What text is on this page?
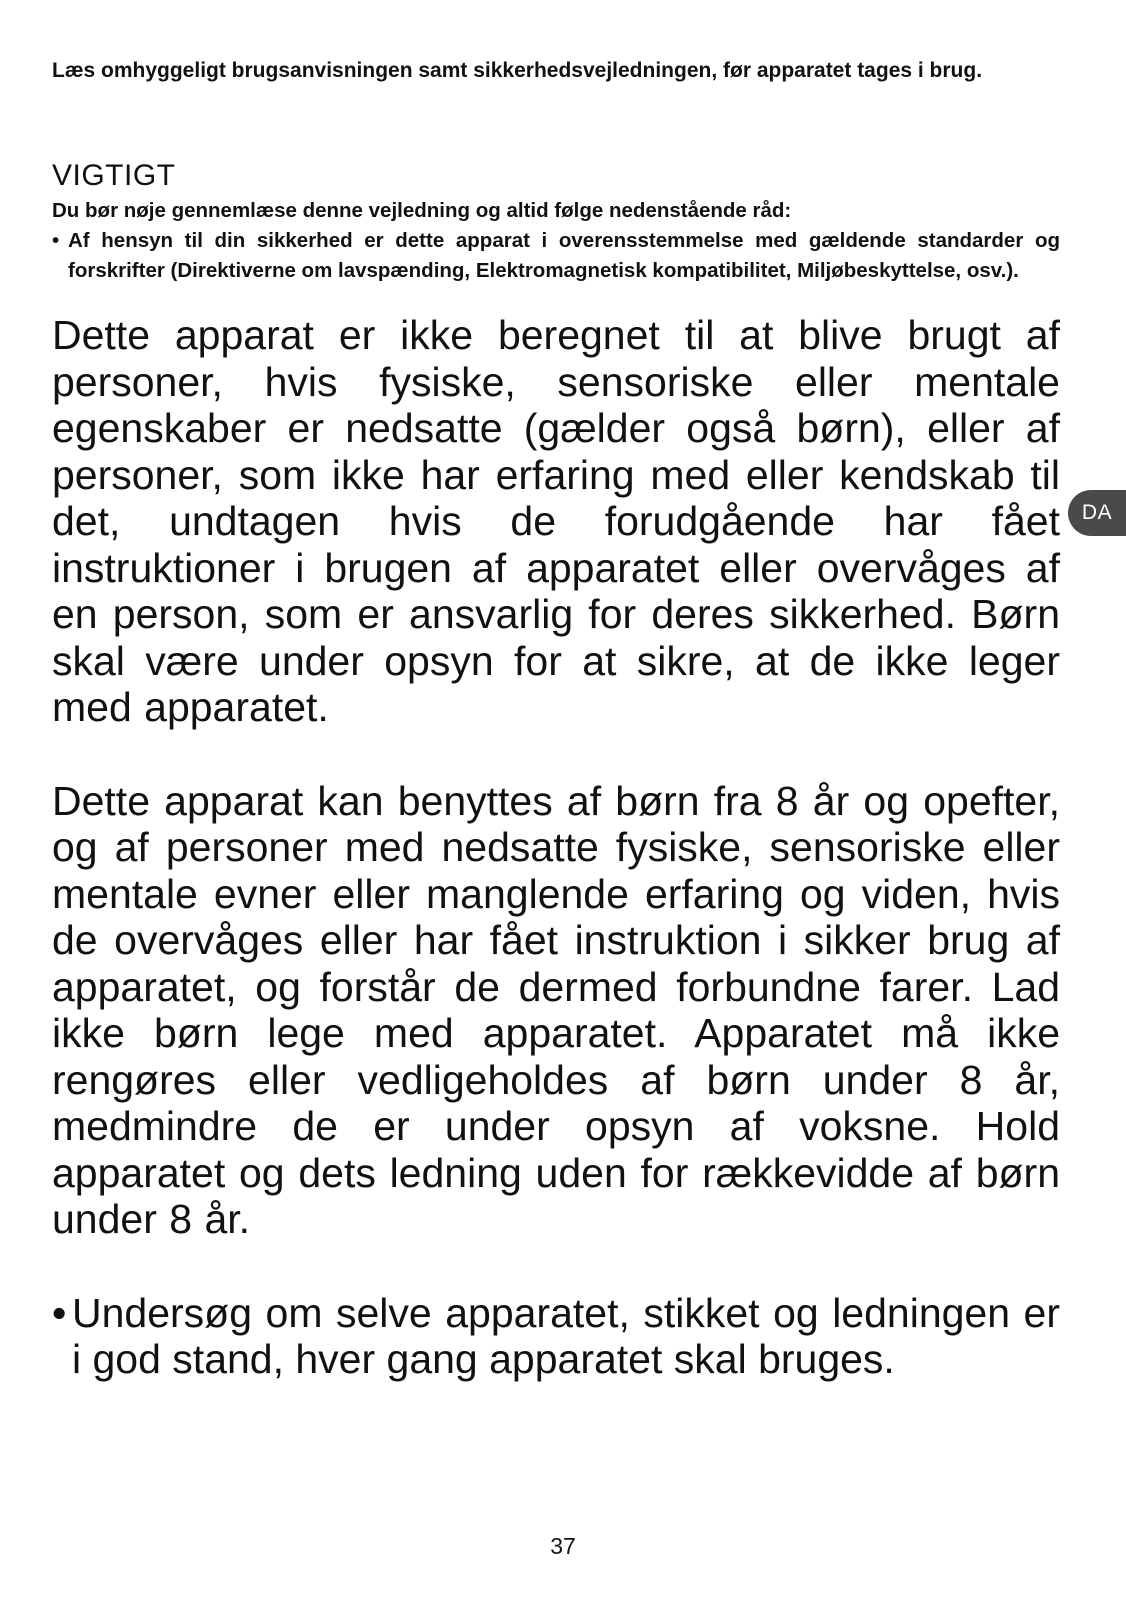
Læs omhyggeligt brugsanvisningen samt sikkerhedsvejledningen, før apparatet tages i brug.

VIGTIGT

Du bør nøje gennemlæse denne vejledning og altid følge nedenstående råd:

• Af hensyn til din sikkerhed er dette apparat i overensstemmelse med gældende standarder og forskrifter (Direktiverne om lavspænding, Elektromagnetisk kompatibilitet, Miljøbeskyttelse, osv.).

Dette apparat er ikke beregnet til at blive brugt af personer, hvis fysiske, sensoriske eller mentale egenskaber er nedsatte (gælder også børn), eller af personer, som ikke har erfaring med eller kendskab til det, undtagen hvis de forudgående har fået instruktioner i brugen af apparatet eller overvåges af en person, som er ansvarlig for deres sikkerhed. Børn skal være under opsyn for at sikre, at de ikke leger med apparatet.

Dette apparat kan benyttes af børn fra 8 år og opefter, og af personer med nedsatte fysiske, sensoriske eller mentale evner eller manglende erfaring og viden, hvis de overvåges eller har fået instruktion i sikker brug af apparatet, og forstår de dermed forbundne farer. Lad ikke børn lege med apparatet. Apparatet må ikke rengøres eller vedligeholdes af børn under 8 år, medmindre de er under opsyn af voksne. Hold apparatet og dets ledning uden for rækkevidde af børn under 8 år.

• Undersøg om selve apparatet, stikket og ledningen er i god stand, hver gang apparatet skal bruges.

DA
37
